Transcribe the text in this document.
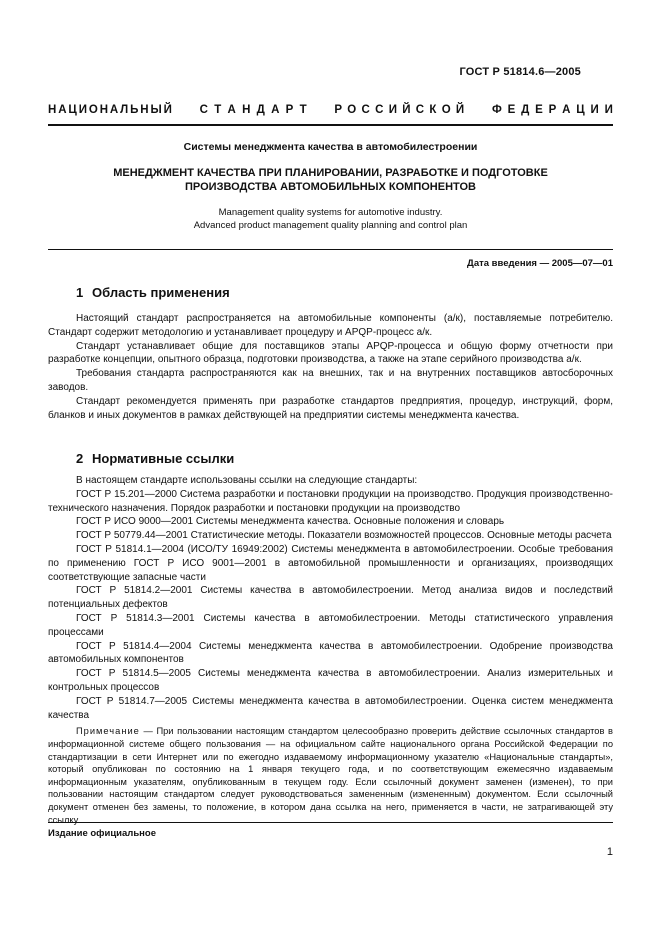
ГОСТ Р 51814.6—2005
Н А Ц И О Н А Л Ь Н Ы Й С Т А Н Д А Р Т Р О С С И Й С К О Й Ф Е Д Е Р А Ц И И
Системы менеджмента качества в автомобилестроении
МЕНЕДЖМЕНТ КАЧЕСТВА ПРИ ПЛАНИРОВАНИИ, РАЗРАБОТКЕ И ПОДГОТОВКЕ
ПРОИЗВОДСТВА АВТОМОБИЛЬНЫХ КОМПОНЕНТОВ
Management quality systems for automotive industry.
Advanced product management quality planning and control plan
Дата введения — 2005—07—01
1 Область применения

Настоящий стандарт распространяется на автомобильные компоненты (а/к), поставляемые потребителю. Стандарт содержит методологию и устанавливает процедуру и APQP-процесс а/к.

Стандарт устанавливает общие для поставщиков этапы APQP-процесса и общую форму отчетности при разработке концепции, опытного образца, подготовки производства, а также на этапе серийного производства а/к.

Требования стандарта распространяются как на внешних, так и на внутренних поставщиков автосборочных заводов.

Стандарт рекомендуется применять при разработке стандартов предприятия, процедур, инструкций, форм, бланков и иных документов в рамках действующей на предприятии системы менеджмента качества.

2 Нормативные ссылки

В настоящем стандарте использованы ссылки на следующие стандарты:

ГОСТ Р 15.201—2000 Система разработки и постановки продукции на производство. Продукция производственно-технического назначения. Порядок разработки и постановки продукции на производство

ГОСТ Р ИСО 9000—2001 Системы менеджмента качества. Основные положения и словарь

ГОСТ Р 50779.44—2001 Статистические методы. Показатели возможностей процессов. Основные методы расчета

ГОСТ Р 51814.1—2004 (ИСО/ТУ 16949:2002) Системы менеджмента в автомобилестроении. Особые требования по применению ГОСТ Р ИСО 9001—2001 в автомобильной промышленности и организациях, производящих соответствующие запасные части

ГОСТ Р 51814.2—2001 Системы качества в автомобилестроении. Метод анализа видов и последствий потенциальных дефектов

ГОСТ Р 51814.3—2001 Системы качества в автомобилестроении. Методы статистического управления процессами

ГОСТ Р 51814.4—2004 Системы менеджмента качества в автомобилестроении. Одобрение производства автомобильных компонентов

ГОСТ Р 51814.5—2005 Системы менеджмента качества в автомобилестроении. Анализ измерительных и контрольных процессов

ГОСТ Р 51814.7—2005 Системы менеджмента качества в автомобилестроении. Оценка систем менеджмента качества

Примечание — При пользовании настоящим стандартом целесообразно проверить действие ссылочных стандартов в информационной системе общего пользования — на официальном сайте национального органа Российской Федерации по стандартизации в сети Интернет или по ежегодно издаваемому информационному указателю «Национальные стандарты», который опубликован по состоянию на 1 января текущего года, и по соответствующим ежемесячно издаваемым информационным указателям, опубликованным в текущем году. Если ссылочный документ заменен (изменен), то при пользовании настоящим стандартом следует руководствоваться замененным (измененным) документом. Если ссылочный документ отменен без замены, то положение, в котором дана ссылка на него, применяется в части, не затрагивающей эту ссылку.

Издание официальное
1
